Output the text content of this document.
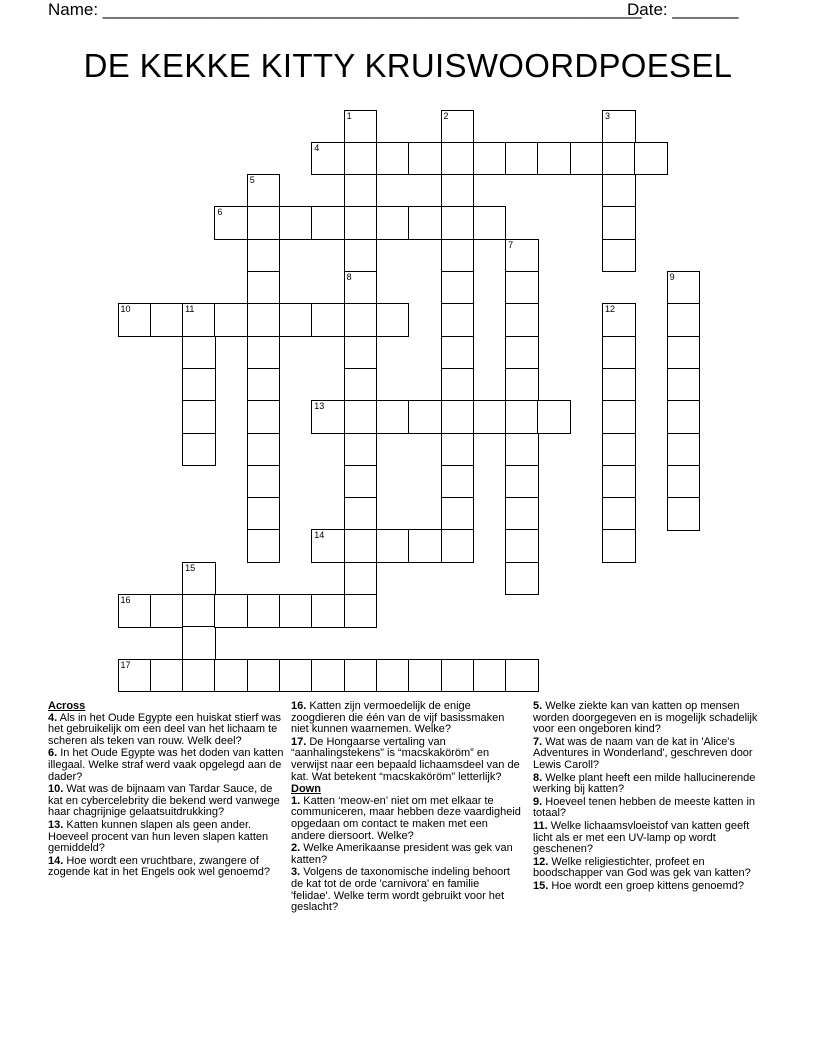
Name: _________________________________________________________
Date: _______
DE KEKKE KITTY KRUISWOORDPOESEL
1
8
2	3
4
5
6
7
9
10	11	12
13
14
15
16
17
Across
4. Als in het Oude Egypte een huiskat stierf was het gebruikelijk om een deel van het lichaam te scheren als teken van rouw. Welk deel?
6. In het Oude Egypte was het doden van katten illegaal. Welke straf werd vaak opgelegd aan de dader?
10. Wat was de bijnaam van Tardar Sauce, de kat en cybercelebrity die bekend werd vanwege haar chagrijnige gelaatsuitdrukking?
13. Katten kunnen slapen als geen ander. Hoeveel procent van hun leven slapen katten gemiddeld?
14. Hoe wordt een vruchtbare, zwangere of zogende kat in het Engels ook wel genoemd?
16. Katten zijn vermoedelijk de enige zoogdieren die één van de vijf basissmaken niet kunnen waarnemen. Welke?
17. De Hongaarse vertaling van “aanhalingstekens” is “macskaköröm” en verwijst naar een bepaald lichaamsdeel van de kat. Wat betekent “macskaköröm” letterlijk?
Down
1. Katten ‘meow-en’ niet om met elkaar te communiceren, maar hebben deze vaardigheid opgedaan om contact te maken met een andere diersoort. Welke?
2. Welke Amerikaanse president was gek van katten?
3. Volgens de taxonomische indeling behoort de kat tot de orde 'carnivora' en familie 'felidae'. Welke term wordt gebruikt voor het geslacht?
5. Welke ziekte kan van katten op mensen worden doorgegeven en is mogelijk schadelijk voor een ongeboren kind?
7. Wat was de naam van de kat in 'Alice's Adventures in Wonderland', geschreven door Lewis Caroll?
8. Welke plant heeft een milde hallucinerende werking bij katten?
9. Hoeveel tenen hebben de meeste katten in totaal?
11. Welke lichaamsvloeistof van katten geeft licht als er met een UV-lamp op wordt geschenen?
12. Welke religiestichter, profeet en boodschapper van God was gek van katten?
15. Hoe wordt een groep kittens genoemd?
